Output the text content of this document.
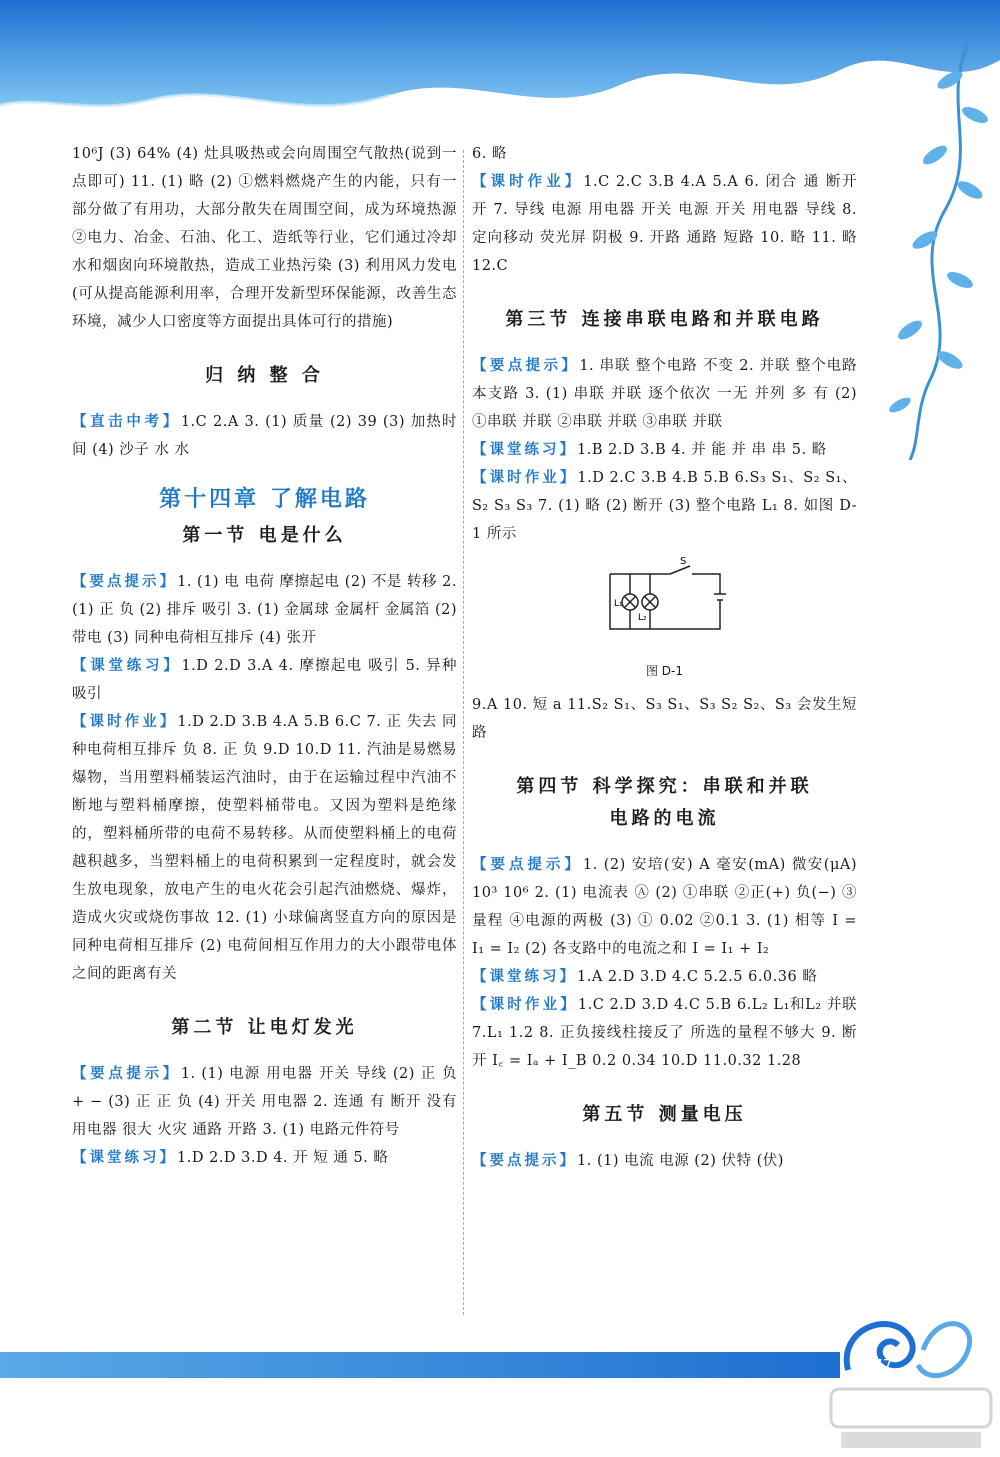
10⁶J (3) 64% (4) 灶具吸热或会向周围空气散热(说到一点即可) 11. (1) 略 (2) ①燃料燃烧产生的内能，只有一部分做了有用功，大部分散失在周围空间，成为环境热源 ②电力、冶金、石油、化工、造纸等行业，它们通过冷却水和烟囱向环境散热，造成工业热污染 (3) 利用风力发电 (可从提高能源利用率，合理开发新型环保能源，改善生态环境，减少人口密度等方面提出具体可行的措施)

归 纳 整 合

【直击中考】1.C 2.A 3. (1) 质量 (2) 39 (3) 加热时间 (4) 沙子 水 水

第十四章 了解电路
第一节 电是什么

【要点提示】1. (1) 电 电荷 摩擦起电 (2) 不是 转移 2. (1) 正 负 (2) 排斥 吸引 3. (1) 金属球 金属杆 金属箔 (2) 带电 (3) 同种电荷相互排斥 (4) 张开

【课堂练习】1.D 2.D 3.A 4. 摩擦起电 吸引 5. 异种 吸引

【课时作业】1.D 2.D 3.B 4.A 5.B 6.C 7. 正 失去 同种电荷相互排斥 负 8. 正 负 9.D 10.D 11. 汽油是易燃易爆物，当用塑料桶装运汽油时，由于在运输过程中汽油不断地与塑料桶摩擦，使塑料桶带电。又因为塑料是绝缘的，塑料桶所带的电荷不易转移。从而使塑料桶上的电荷越积越多，当塑料桶上的电荷积累到一定程度时，就会发生放电现象，放电产生的电火花会引起汽油燃烧、爆炸，造成火灾或烧伤事故 12. (1) 小球偏离竖直方向的原因是同种电荷相互排斥 (2) 电荷间相互作用力的大小跟带电体之间的距离有关

第二节 让电灯发光

【要点提示】1. (1) 电源 用电器 开关 导线 (2) 正 负 + − (3) 正 正 负 (4) 开关 用电器 2. 连通 有 断开 没有 用电器 很大 火灾 通路 开路 3. (1) 电路元件符号

【课堂练习】1.D 2.D 3.D 4. 开 短 通 5. 略

6. 略

【课时作业】1.C 2.C 3.B 4.A 5.A 6. 闭合 通 断开 开 7. 导线 电源 用电器 开关 电源 开关 用电器 导线 8. 定向移动 荧光屏 阴极 9. 开路 通路 短路 10. 略 11. 略 12.C

第三节 连接串联电路和并联电路

【要点提示】1. 串联 整个电路 不变 2. 并联 整个电路 本支路 3. (1) 串联 并联 逐个依次 一无 并列 多 有 (2) ①串联 并联 ②串联 并联 ③串联 并联

【课堂练习】1.B 2.D 3.B 4. 并 能 并 串 串 5. 略

【课时作业】1.D 2.C 3.B 4.B 5.B 6.S₃ S₁、S₂ S₁、S₂ S₃ S₃ 7. (1) 略 (2) 断开 (3) 整个电路 L₁ 8. 如图 D-1 所示

S
L₁
L₂
图 D-1

9.A 10. 短 a 11.S₂ S₁、S₃ S₁、S₃ S₂ S₂、S₃ 会发生短路

第四节 科学探究：串联和并联
电路的电流

【要点提示】1. (2) 安培(安) A 毫安(mA) 微安(μA) 10³ 10⁶ 2. (1) 电流表 Ⓐ (2) ①串联 ②正(+) 负(−) ③量程 ④电源的两极 (3) ① 0.02 ②0.1 3. (1) 相等 I = I₁ = I₂ (2) 各支路中的电流之和 I = I₁ + I₂

【课堂练习】1.A 2.D 3.D 4.C 5.2.5 6.0.36 略

【课时作业】1.C 2.D 3.D 4.C 5.B 6.L₂ L₁和L₂ 并联 7.L₁ 1.2 8. 正负接线柱接反了 所选的量程不够大 9. 断开 I꜀ = Iₐ + I_B 0.2 0.34 10.D 11.0.32 1.28

第五节 测量电压

【要点提示】1. (1) 电流 电源 (2) 伏特 (伏)

177
